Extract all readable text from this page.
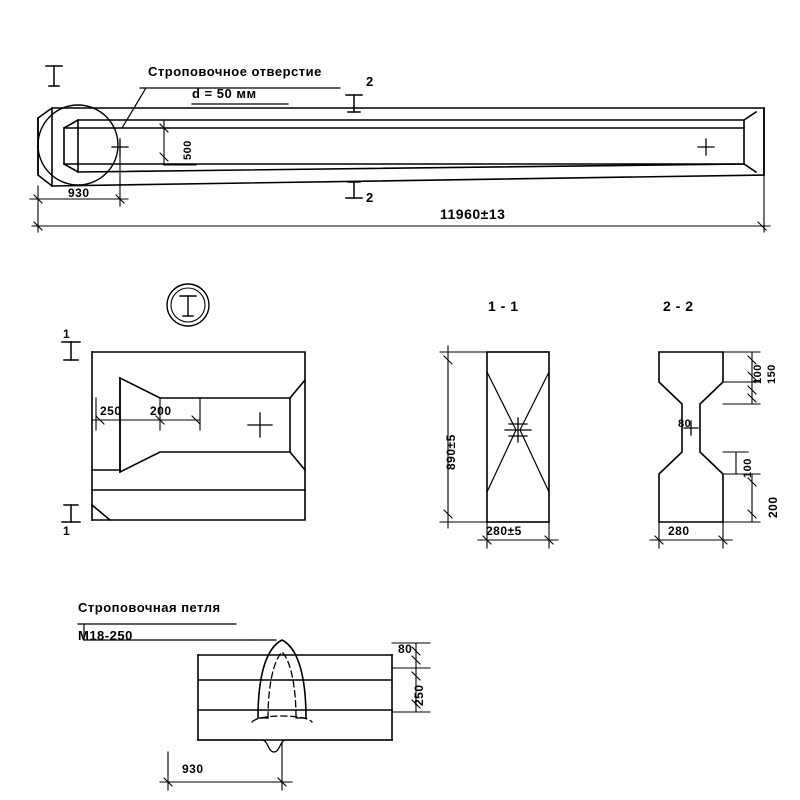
Строповочное отверстие
d = 50 мм
2
2
930
500
11960±13
250 200
1
1
1 - 1	2 - 2
890±5
280±5
150
100
80
100
200
280
Строповочная петля
М18-250
80
250
930
